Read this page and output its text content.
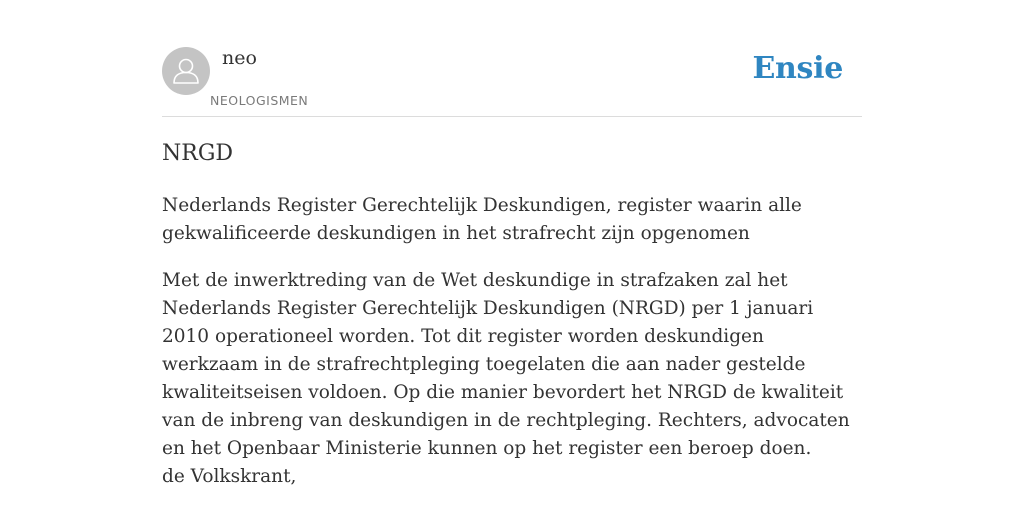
neo
NEOLOGISMEN
Ensie
NRGD

Nederlands Register Gerechtelijk Deskundigen, register waarin alle gekwalificeerde deskundigen in het strafrecht zijn opgenomen

Met de inwerktreding van de Wet deskundige in strafzaken zal het Nederlands Register Gerechtelijk Deskundigen (NRGD) per 1 januari 2010 operationeel worden. Tot dit register worden deskundigen werkzaam in de strafrechtpleging toegelaten die aan nader gestelde kwaliteitseisen voldoen. Op die manier bevordert het NRGD de kwaliteit van de inbreng van deskundigen in de rechtpleging. Rechters, advocaten en het Openbaar Ministerie kunnen op het register een beroep doen.

de Volkskrant,
